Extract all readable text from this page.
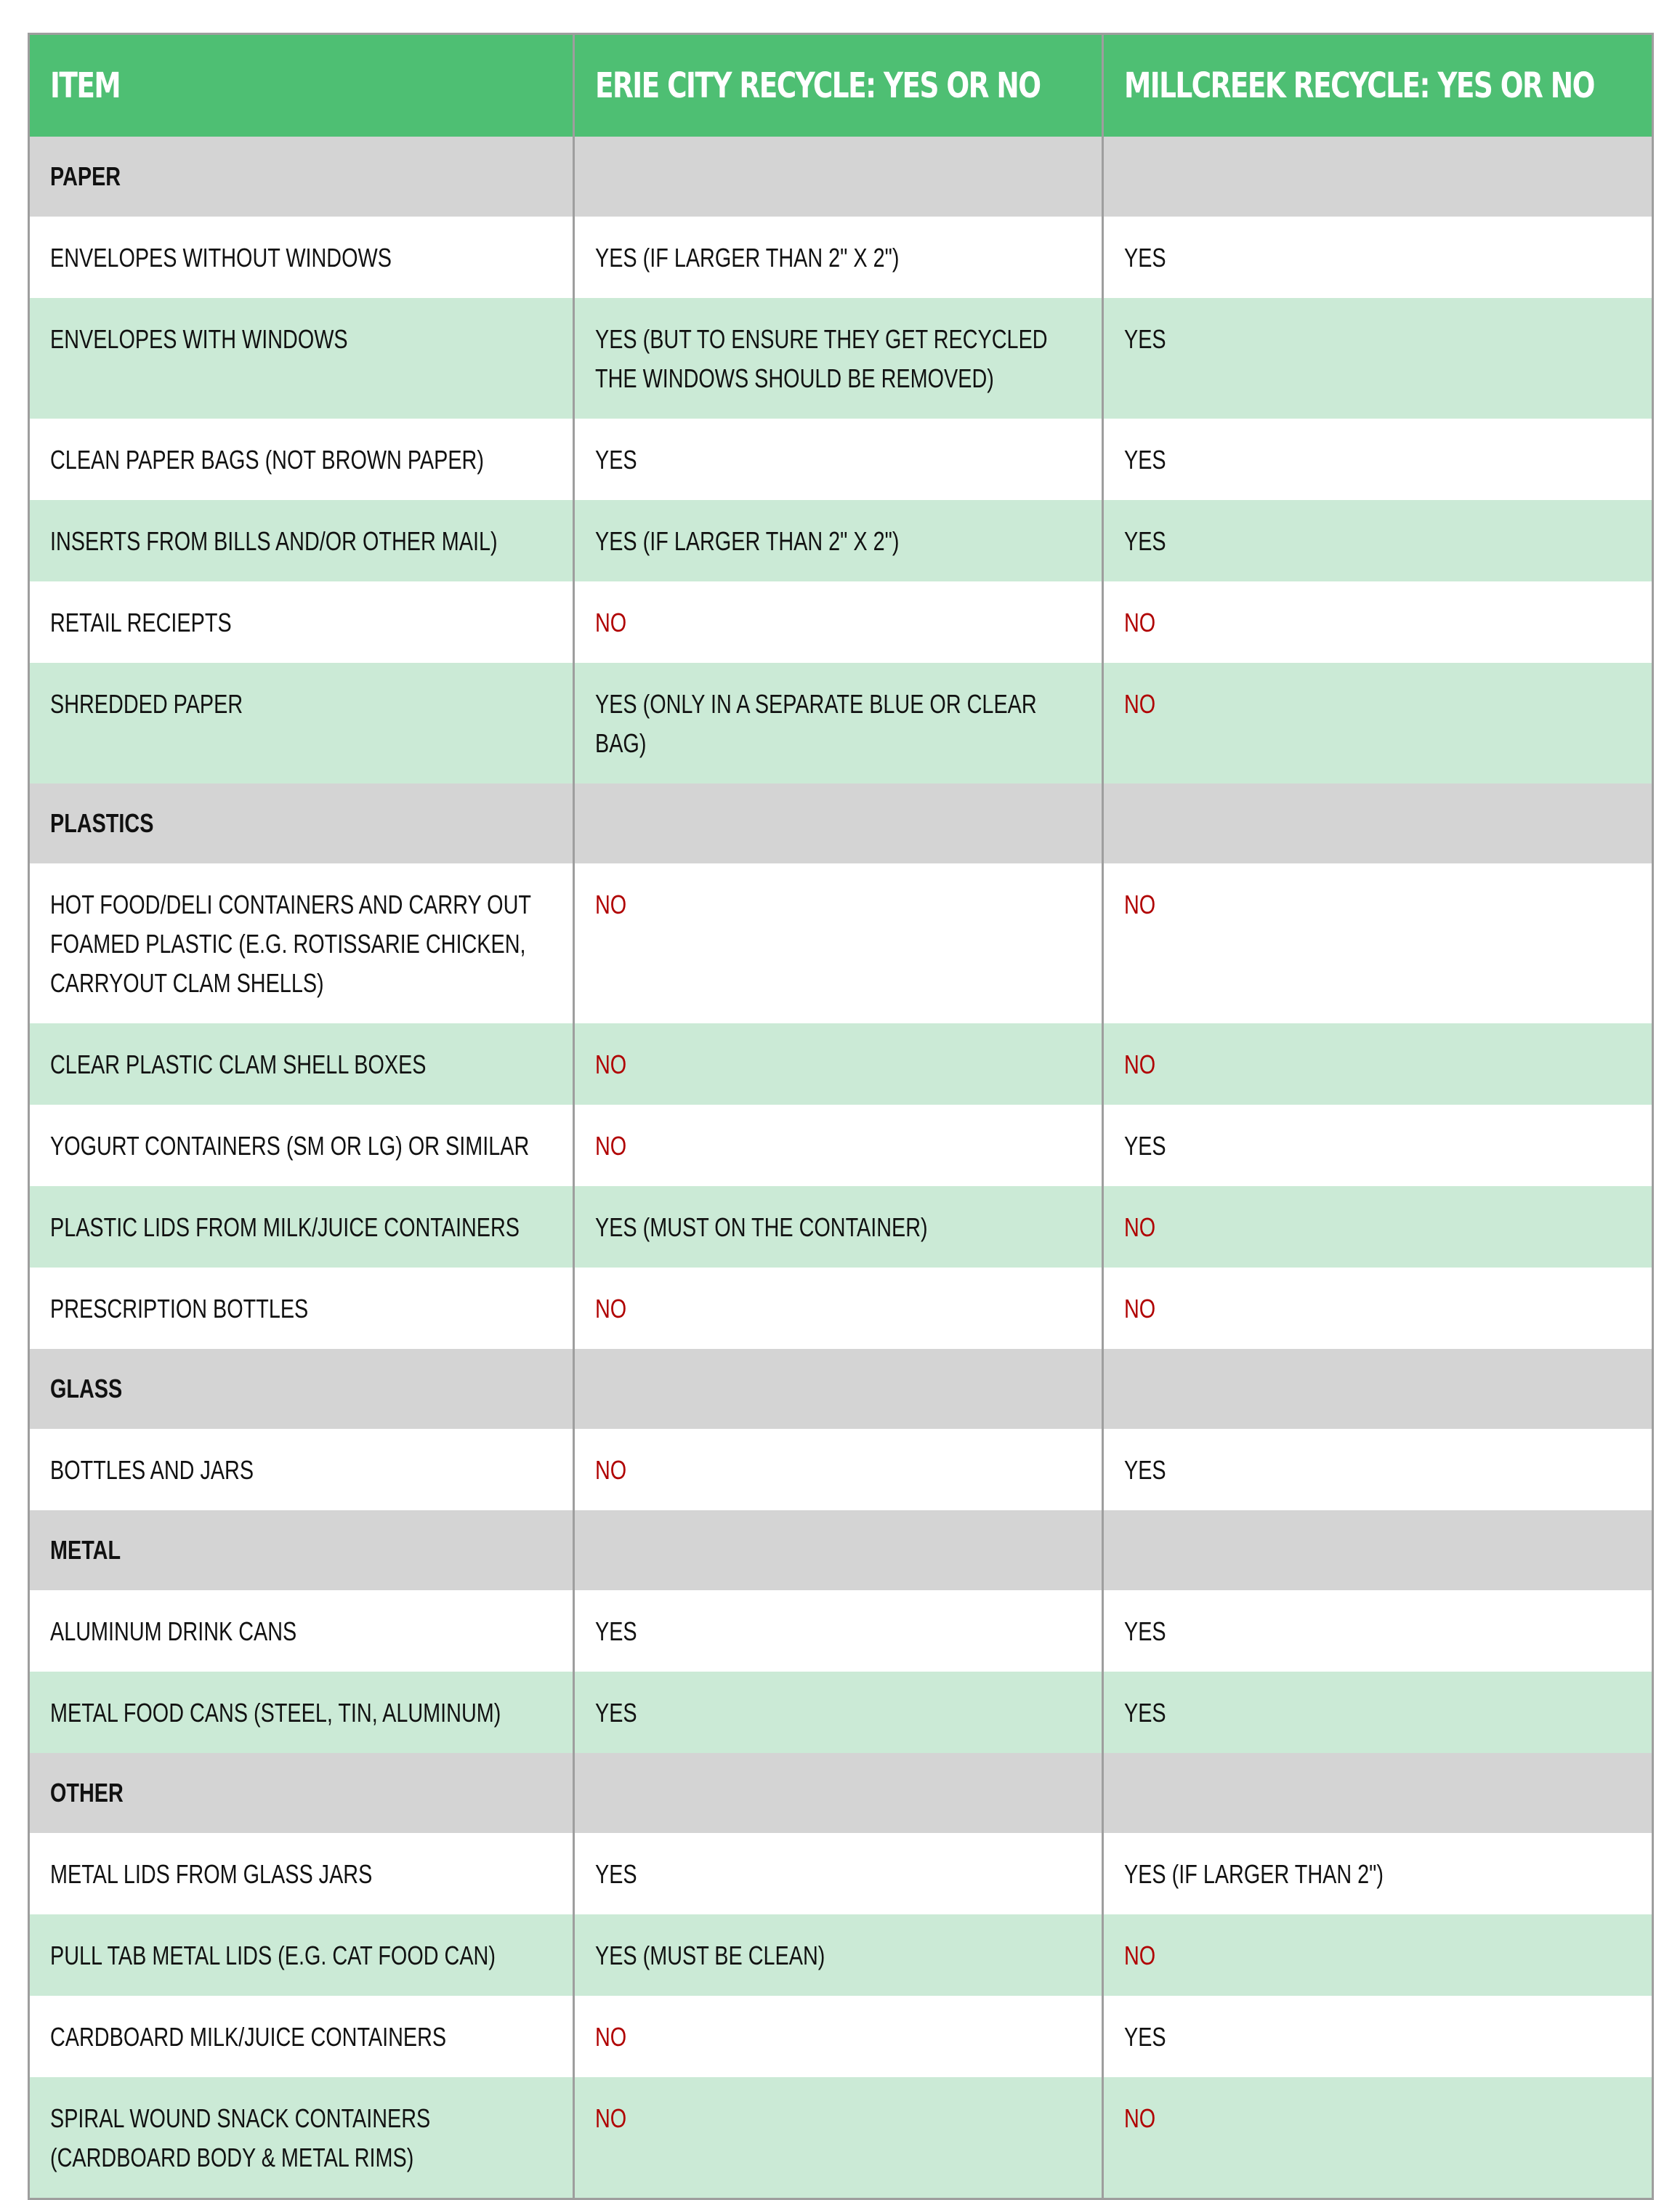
ITEM	ERIE CITY RECYCLE: YES OR NO	MILLCREEK RECYCLE: YES OR NO
PAPER		
ENVELOPES WITHOUT WINDOWS	YES (IF LARGER THAN 2" X 2")	YES
ENVELOPES WITH WINDOWS	YES (BUT TO ENSURE THEY GET RECYCLED THE WINDOWS SHOULD BE REMOVED)	YES
CLEAN PAPER BAGS (NOT BROWN PAPER)	YES	YES
INSERTS FROM BILLS AND/OR OTHER MAIL)	YES (IF LARGER THAN 2" X 2")	YES
RETAIL RECIEPTS	NO	NO
SHREDDED PAPER	YES (ONLY IN A SEPARATE BLUE OR CLEAR BAG)	NO
PLASTICS		
HOT FOOD/DELI CONTAINERS AND CARRY OUT FOAMED PLASTIC (E.G. ROTISSARIE CHICKEN, CARRYOUT CLAM SHELLS)	NO	NO
CLEAR PLASTIC CLAM SHELL BOXES	NO	NO
YOGURT CONTAINERS (SM OR LG) OR SIMILAR	NO	YES
PLASTIC LIDS FROM MILK/JUICE CONTAINERS	YES (MUST ON THE CONTAINER)	NO
PRESCRIPTION BOTTLES	NO	NO
GLASS		
BOTTLES AND JARS	NO	YES
METAL		
ALUMINUM DRINK CANS	YES	YES
METAL FOOD CANS (STEEL, TIN, ALUMINUM)	YES	YES
OTHER		
METAL LIDS FROM GLASS JARS	YES	YES (IF LARGER THAN 2")
PULL TAB METAL LIDS (E.G. CAT FOOD CAN)	YES (MUST BE CLEAN)	NO
CARDBOARD MILK/JUICE CONTAINERS	NO	YES
SPIRAL WOUND SNACK CONTAINERS (CARDBOARD BODY & METAL RIMS)	NO	NO
